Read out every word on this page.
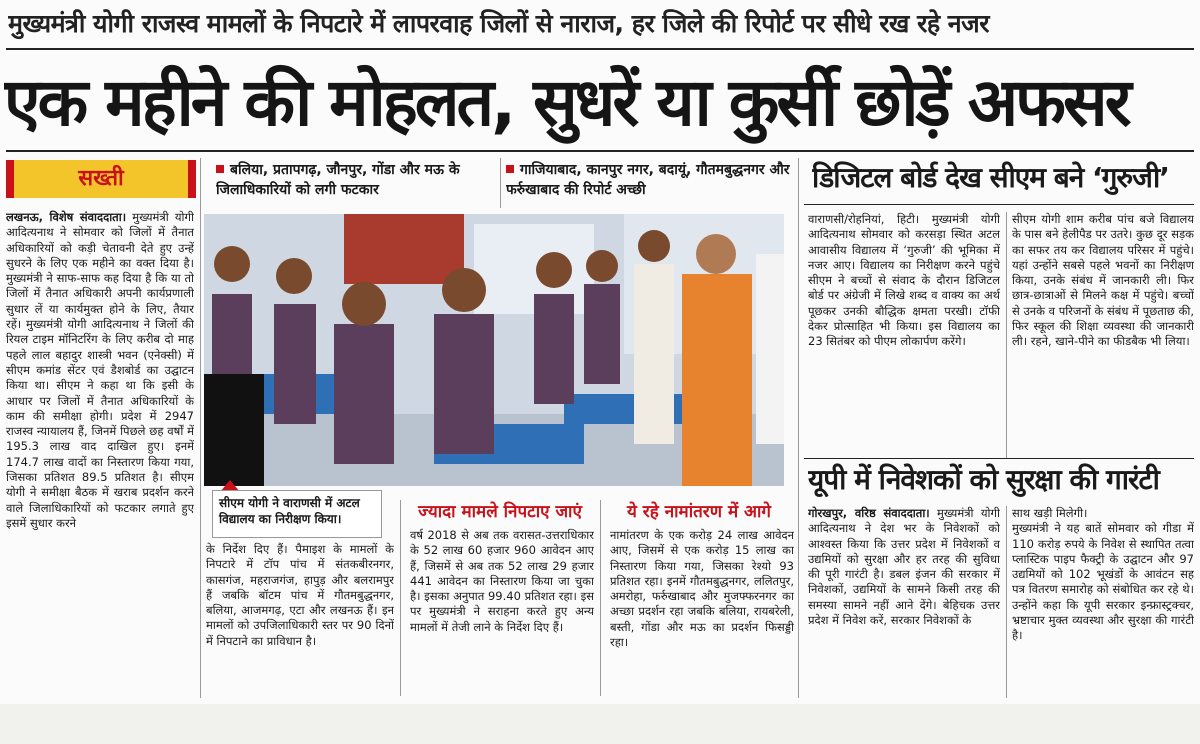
मुख्यमंत्री योगी राजस्व मामलों के निपटारे में लापरवाह जिलों से नाराज, हर जिले की रिपोर्ट पर सीधे रख रहे नजर
एक महीने की मोहलत, सुधरें या कुर्सी छोड़ें अफसर
सख्ती	बलिया, प्रतापगढ़, जौनपुर, गोंडा और मऊ के जिलाधिकारियों को लगी फटकार
गाजियाबाद, कानपुर नगर, बदायूं, गौतमबुद्धनगर और फर्रुखाबाद की रिपोर्ट अच्छी
लखनऊ, विशेष संवाददाता। मुख्यमंत्री योगी आदित्यनाथ ने सोमवार को जिलों में तैनात अधिकारियों को कड़ी चेतावनी देते हुए उन्हें सुधरने के लिए एक महीने का वक्त दिया है। मुख्यमंत्री ने साफ-साफ कह दिया है कि या तो जिलों में तैनात अधिकारी अपनी कार्यप्रणाली सुधार लें या कार्यमुक्त होने के लिए, तैयार रहें। मुख्यमंत्री योगी आदित्यनाथ ने जिलों की रियल टाइम मॉनिटरिंग के लिए करीब दो माह पहले लाल बहादुर शास्त्री भवन (एनेक्सी) में सीएम कमांड सेंटर एवं डैशबोर्ड का उद्घाटन किया था। सीएम ने कहा था कि इसी के आधार पर जिलों में तैनात अधिकारियों के काम की समीक्षा होगी। प्रदेश में 2947 राजस्व न्यायालय हैं, जिनमें पिछले छह वर्षों में 195.3 लाख वाद दाखिल हुए। इनमें 174.7 लाख वादों का निस्तारण किया गया, जिसका प्रतिशत 89.5 प्रतिशत है। सीएम योगी ने समीक्षा बैठक में खराब प्रदर्शन करने वाले जिलाधिकारियों को फटकार लगाते हुए इसमें सुधार करने
सीएम योगी ने वाराणसी में अटल विद्यालय का निरीक्षण किया।
के निर्देश दिए हैं। पैमाइश के मामलों के निपटारे में टॉप पांच में संतकबीरनगर, कासगंज, महराजगंज, हापुड़ और बलरामपुर हैं जबकि बॉटम पांच में गौतमबुद्धनगर, बलिया, आजमगढ़, एटा और लखनऊ हैं। इन मामलों को उपजिलाधिकारी स्तर पर 90 दिनों में निपटाने का प्राविधान है।
ज्यादा मामले निपटाए जाएं
वर्ष 2018 से अब तक वरासत-उत्तराधिकार के 52 लाख 60 हजार 960 आवेदन आए हैं, जिसमें से अब तक 52 लाख 29 हजार 441 आवेदन का निस्तारण किया जा चुका है। इसका अनुपात 99.40 प्रतिशत रहा। इस पर मुख्यमंत्री ने सराहना करते हुए अन्य मामलों में तेजी लाने के निर्देश दिए हैं।
ये रहे नामांतरण में आगे
नामांतरण के एक करोड़ 24 लाख आवेदन आए, जिसमें से एक करोड़ 15 लाख का निस्तारण किया गया, जिसका रेश्यो 93 प्रतिशत रहा। इनमें गौतमबुद्धनगर, ललितपुर, अमरोहा, फर्रुखाबाद और मुजफ्फरनगर का अच्छा प्रदर्शन रहा जबकि बलिया, रायबरेली, बस्ती, गोंडा और मऊ का प्रदर्शन फिसड्डी रहा।
डिजिटल बोर्ड देख सीएम बने ‘गुरुजी’
वाराणसी/रोहनियां, हिटी। मुख्यमंत्री योगी आदित्यनाथ सोमवार को करसड़ा स्थित अटल आवासीय विद्यालय में ‘गुरुजी’ की भूमिका में नजर आए। विद्यालय का निरीक्षण करने पहुंचे सीएम ने बच्चों से संवाद के दौरान डिजिटल बोर्ड पर अंग्रेजी में लिखे शब्द व वाक्य का अर्थ पूछकर उनकी बौद्धिक क्षमता परखी। टॉफी देकर प्रोत्साहित भी किया। इस विद्यालय का 23 सितंबर को पीएम लोकार्पण करेंगे।
सीएम योगी शाम करीब पांच बजे विद्यालय के पास बने हेलीपैड पर उतरे। कुछ दूर सड़क का सफर तय कर विद्यालय परिसर में पहुंचे। यहां उन्होंने सबसे पहले भवनों का निरीक्षण किया, उनके संबंध में जानकारी ली। फिर छात्र-छात्राओं से मिलने कक्ष में पहुंचे। बच्चों से उनके व परिजनों के संबंध में पूछताछ की, फिर स्कूल की शिक्षा व्यवस्था की जानकारी ली। रहने, खाने-पीने का फीडबैक भी लिया।
यूपी में निवेशकों को सुरक्षा की गारंटी
गोरखपुर, वरिष्ठ संवाददाता। मुख्यमंत्री योगी आदित्यनाथ ने देश भर के निवेशकों को आश्वस्त किया कि उत्तर प्रदेश में निवेशकों व उद्यमियों को सुरक्षा और हर तरह की सुविधा की पूरी गारंटी है। डबल इंजन की सरकार में निवेशकों, उद्यमियों के सामने किसी तरह की समस्या सामने नहीं आने देंगे। बेहिचक उत्तर प्रदेश में निवेश करें, सरकार निवेशकों के
साथ खड़ी मिलेगी।
मुख्यमंत्री ने यह बातें सोमवार को गीडा में 110 करोड़ रुपये के निवेश से स्थापित तत्वा प्लास्टिक पाइप फैक्ट्री के उद्घाटन और 97 उद्यमियों को 102 भूखंडों के आवंटन सह पत्र वितरण समारोह को संबोधित कर रहे थे। उन्होंने कहा कि यूपी सरकार इन्फ्रास्ट्रक्चर, भ्रष्टाचार मुक्त व्यवस्था और सुरक्षा की गारंटी है।
